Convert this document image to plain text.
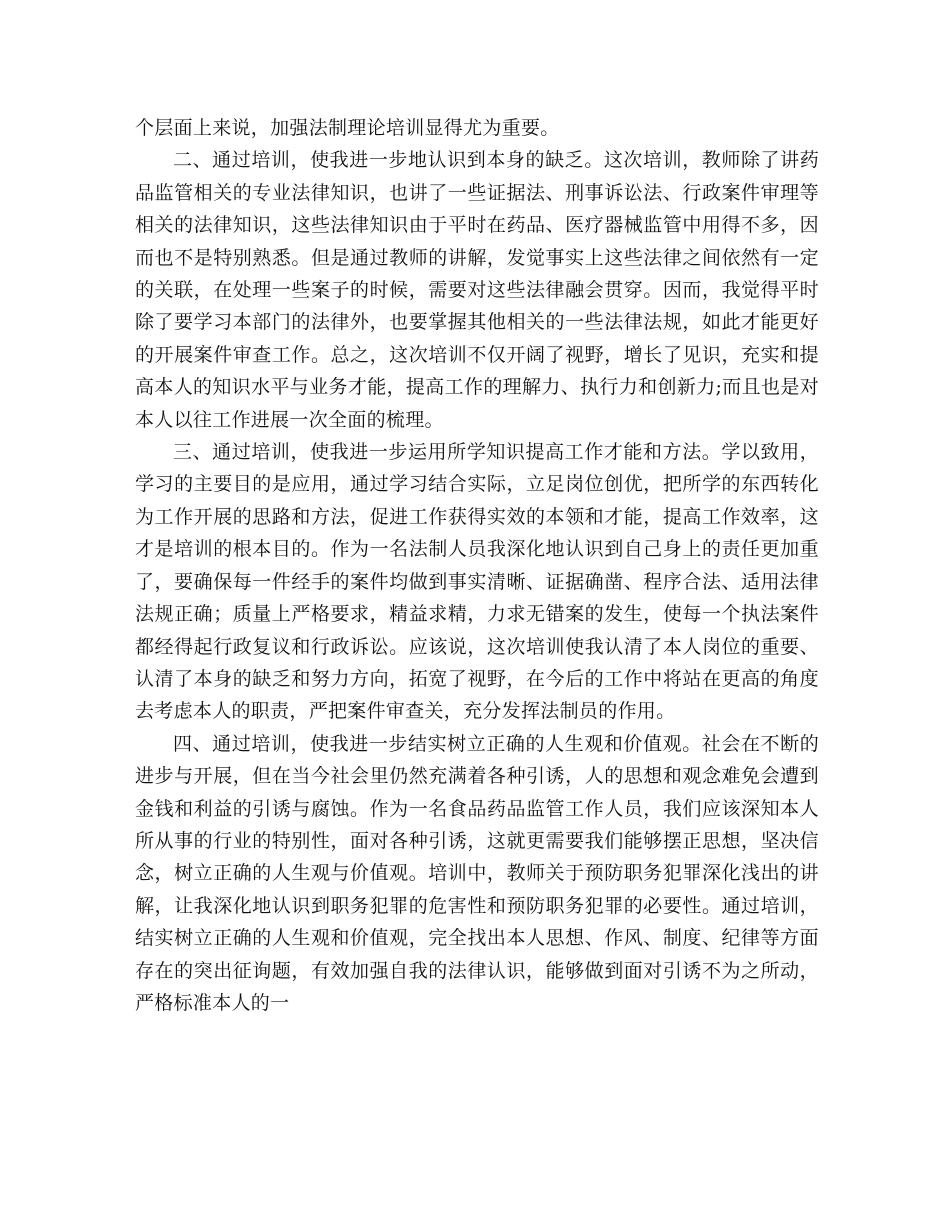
个层面上来说，加强法制理论培训显得尤为重要。

二、通过培训，使我进一步地认识到本身的缺乏。这次培训，教师除了讲药品监管相关的专业法律知识，也讲了一些证据法、刑事诉讼法、行政案件审理等相关的法律知识，这些法律知识由于平时在药品、医疗器械监管中用得不多，因而也不是特别熟悉。但是通过教师的讲解，发觉事实上这些法律之间依然有一定的关联，在处理一些案子的时候，需要对这些法律融会贯穿。因而，我觉得平时除了要学习本部门的法律外，也要掌握其他相关的一些法律法规，如此才能更好的开展案件审查工作。总之，这次培训不仅开阔了视野，增长了见识，充实和提高本人的知识水平与业务才能，提高工作的理解力、执行力和创新力;而且也是对本人以往工作进展一次全面的梳理。

三、通过培训，使我进一步运用所学知识提高工作才能和方法。学以致用，学习的主要目的是应用，通过学习结合实际，立足岗位创优，把所学的东西转化为工作开展的思路和方法，促进工作获得实效的本领和才能，提高工作效率，这才是培训的根本目的。作为一名法制人员我深化地认识到自己身上的责任更加重了，要确保每一件经手的案件均做到事实清晰、证据确凿、程序合法、适用法律法规正确；质量上严格要求，精益求精，力求无错案的发生，使每一个执法案件都经得起行政复议和行政诉讼。应该说，这次培训使我认清了本人岗位的重要、认清了本身的缺乏和努力方向，拓宽了视野，在今后的工作中将站在更高的角度去考虑本人的职责，严把案件审查关，充分发挥法制员的作用。

四、通过培训，使我进一步结实树立正确的人生观和价值观。社会在不断的进步与开展，但在当今社会里仍然充满着各种引诱，人的思想和观念难免会遭到金钱和利益的引诱与腐蚀。作为一名食品药品监管工作人员，我们应该深知本人所从事的行业的特别性，面对各种引诱，这就更需要我们能够摆正思想，坚决信念，树立正确的人生观与价值观。培训中，教师关于预防职务犯罪深化浅出的讲解，让我深化地认识到职务犯罪的危害性和预防职务犯罪的必要性。通过培训，结实树立正确的人生观和价值观，完全找出本人思想、作风、制度、纪律等方面存在的突出征询题，有效加强自我的法律认识，能够做到面对引诱不为之所动，严格标准本人的一
